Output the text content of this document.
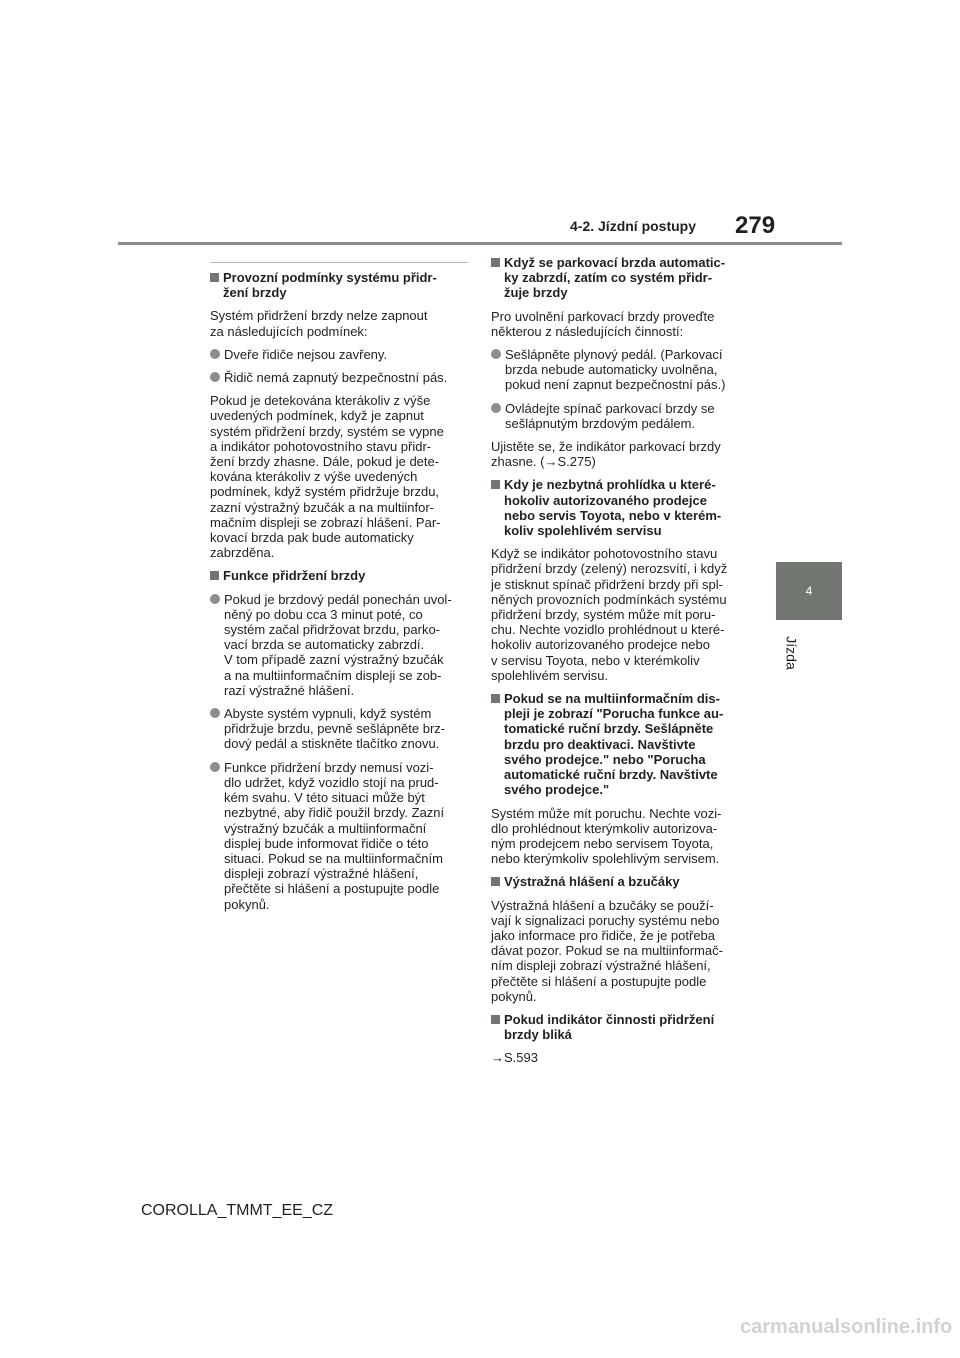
4-2. Jízdní postupy 279
4
Jízda
Provozní podmínky systému přidr-
žení brzdy
Systém přidržení brzdy nelze zapnout
za následujících podmínek:
Dveře řidiče nejsou zavřeny.
Řidič nemá zapnutý bezpečnostní pás.
Pokud je detekována kterákoliv z výše
uvedených podmínek, když je zapnut
systém přidržení brzdy, systém se vypne
a indikátor pohotovostního stavu přidr-
žení brzdy zhasne. Dále, pokud je dete-
kována kterákoliv z výše uvedených
podmínek, když systém přidržuje brzdu,
zazní výstražný bzučák a na multiinfor-
mačním displeji se zobrazí hlášení. Par-
kovací brzda pak bude automaticky
zabrzděna.
Funkce přidržení brzdy
Pokud je brzdový pedál ponechán uvol-
něný po dobu cca 3 minut poté, co
systém začal přidržovat brzdu, parko-
vací brzda se automaticky zabrzdí.
V tom případě zazní výstražný bzučák
a na multiinformačním displeji se zob-
razí výstražné hlášení.
Abyste systém vypnuli, když systém
přidržuje brzdu, pevně sešlápněte brz-
dový pedál a stiskněte tlačítko znovu.
Funkce přidržení brzdy nemusí vozi-
dlo udržet, když vozidlo stojí na prud-
kém svahu. V této situaci může být
nezbytné, aby řidič použil brzdy. Zazní
výstražný bzučák a multiinformační
displej bude informovat řidiče o této
situaci. Pokud se na multiinformačním
displeji zobrazí výstražné hlášení,
přečtěte si hlášení a postupujte podle
pokynů.
Když se parkovací brzda automatic-
ky zabrzdí, zatím co systém přidr-
žuje brzdy
Pro uvolnění parkovací brzdy proveďte
některou z následujících činností:
Sešlápněte plynový pedál. (Parkovací
brzda nebude automaticky uvolněna,
pokud není zapnut bezpečnostní pás.)
Ovládejte spínač parkovací brzdy se
sešlápnutým brzdovým pedálem.
Ujistěte se, že indikátor parkovací brzdy
zhasne. (→S.275)
Kdy je nezbytná prohlídka u které-
hokoliv autorizovaného prodejce
nebo servis Toyota, nebo v kterém-
koliv spolehlivém servisu
Když se indikátor pohotovostního stavu
přidržení brzdy (zelený) nerozsvítí, i když
je stisknut spínač přidržení brzdy při spl-
něných provozních podmínkách systému
přidržení brzdy, systém může mít poru-
chu. Nechte vozidlo prohlédnout u které-
hokoliv autorizovaného prodejce nebo
v servisu Toyota, nebo v kterémkoliv
spolehlivém servisu.
Pokud se na multiinformačním dis-
pleji je zobrazí "Porucha funkce au-
tomatické ruční brzdy. Sešlápněte
brzdu pro deaktivaci. Navštivte
svého prodejce." nebo "Porucha
automatické ruční brzdy. Navštivte
svého prodejce."
Systém může mít poruchu. Nechte vozi-
dlo prohlédnout kterýmkoliv autorizova-
ným prodejcem nebo servisem Toyota,
nebo kterýmkoliv spolehlivým servisem.
Výstražná hlášení a bzučáky
Výstražná hlášení a bzučáky se použí-
vají k signalizaci poruchy systému nebo
jako informace pro řidiče, že je potřeba
dávat pozor. Pokud se na multiinformač-
ním displeji zobrazí výstražné hlášení,
přečtěte si hlášení a postupujte podle
pokynů.
Pokud indikátor činnosti přidržení
brzdy bliká
→S.593
COROLLA_TMMT_EE_CZ
carmanualsonline.info
